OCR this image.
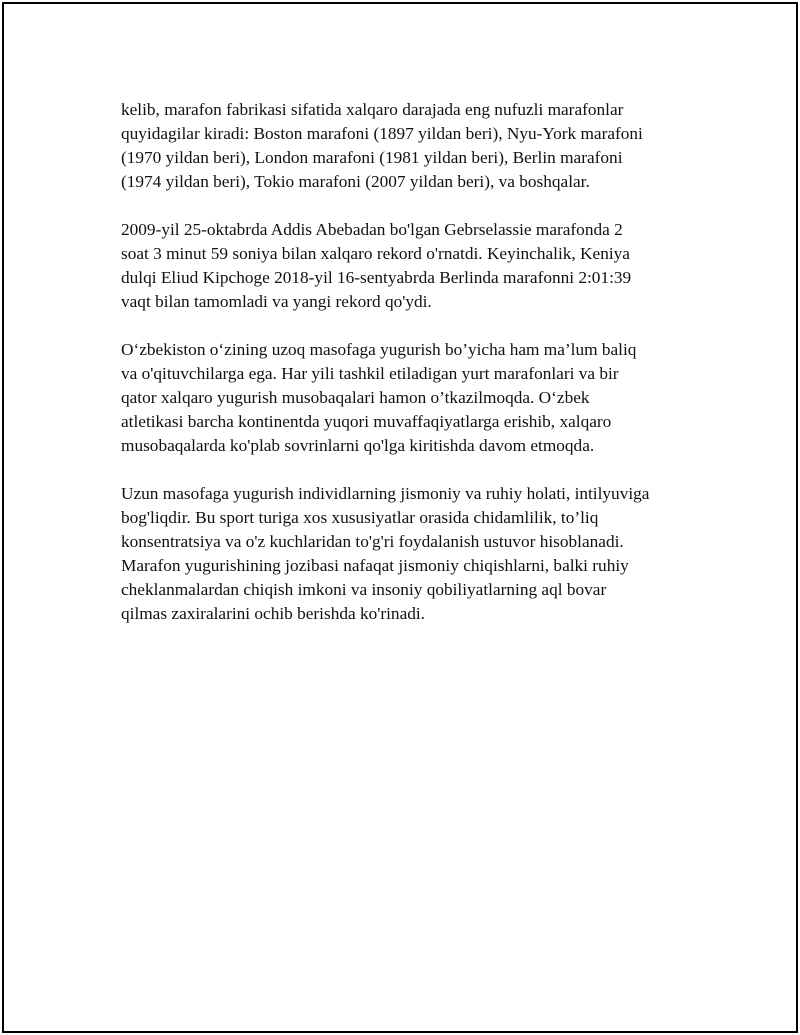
kelib, marafon fabrikasi sifatida xalqaro darajada eng nufuzli marafonlar
quyidagilar kiradi: Boston marafoni (1897 yildan beri), Nyu-York marafoni
(1970 yildan beri), London marafoni (1981 yildan beri), Berlin marafoni
(1974 yildan beri), Tokio marafoni (2007 yildan beri), va boshqalar.

2009-yil 25-oktabrda Addis Abebadan bo'lgan Gebrselassie marafonda 2
soat 3 minut 59 soniya bilan xalqaro rekord o'rnatdi. Keyinchalik, Keniya
dulqi Eliud Kipchoge 2018-yil 16-sentyabrda Berlinda marafonni 2:01:39
vaqt bilan tamomladi va yangi rekord qo'ydi.

O‘zbekiston o‘zining uzoq masofaga yugurish bo’yicha ham ma’lum baliq
va o'qituvchilarga ega. Har yili tashkil etiladigan yurt marafonlari va bir
qator xalqaro yugurish musobaqalari hamon o’tkazilmoqda. O‘zbek
atletikasi barcha kontinentda yuqori muvaffaqiyatlarga erishib, xalqaro
musobaqalarda ko'plab sovrinlarni qo'lga kiritishda davom etmoqda.

Uzun masofaga yugurish individlarning jismoniy va ruhiy holati, intilyuviga
bog'liqdir. Bu sport turiga xos xususiyatlar orasida chidamlilik, to’liq
konsentratsiya va o'z kuchlaridan to'g'ri foydalanish ustuvor hisoblanadi.
Marafon yugurishining jozibasi nafaqat jismoniy chiqishlarni, balki ruhiy
cheklanmalardan chiqish imkoni va insoniy qobiliyatlarning aql bovar
qilmas zaxiralarini ochib berishda ko'rinadi.
